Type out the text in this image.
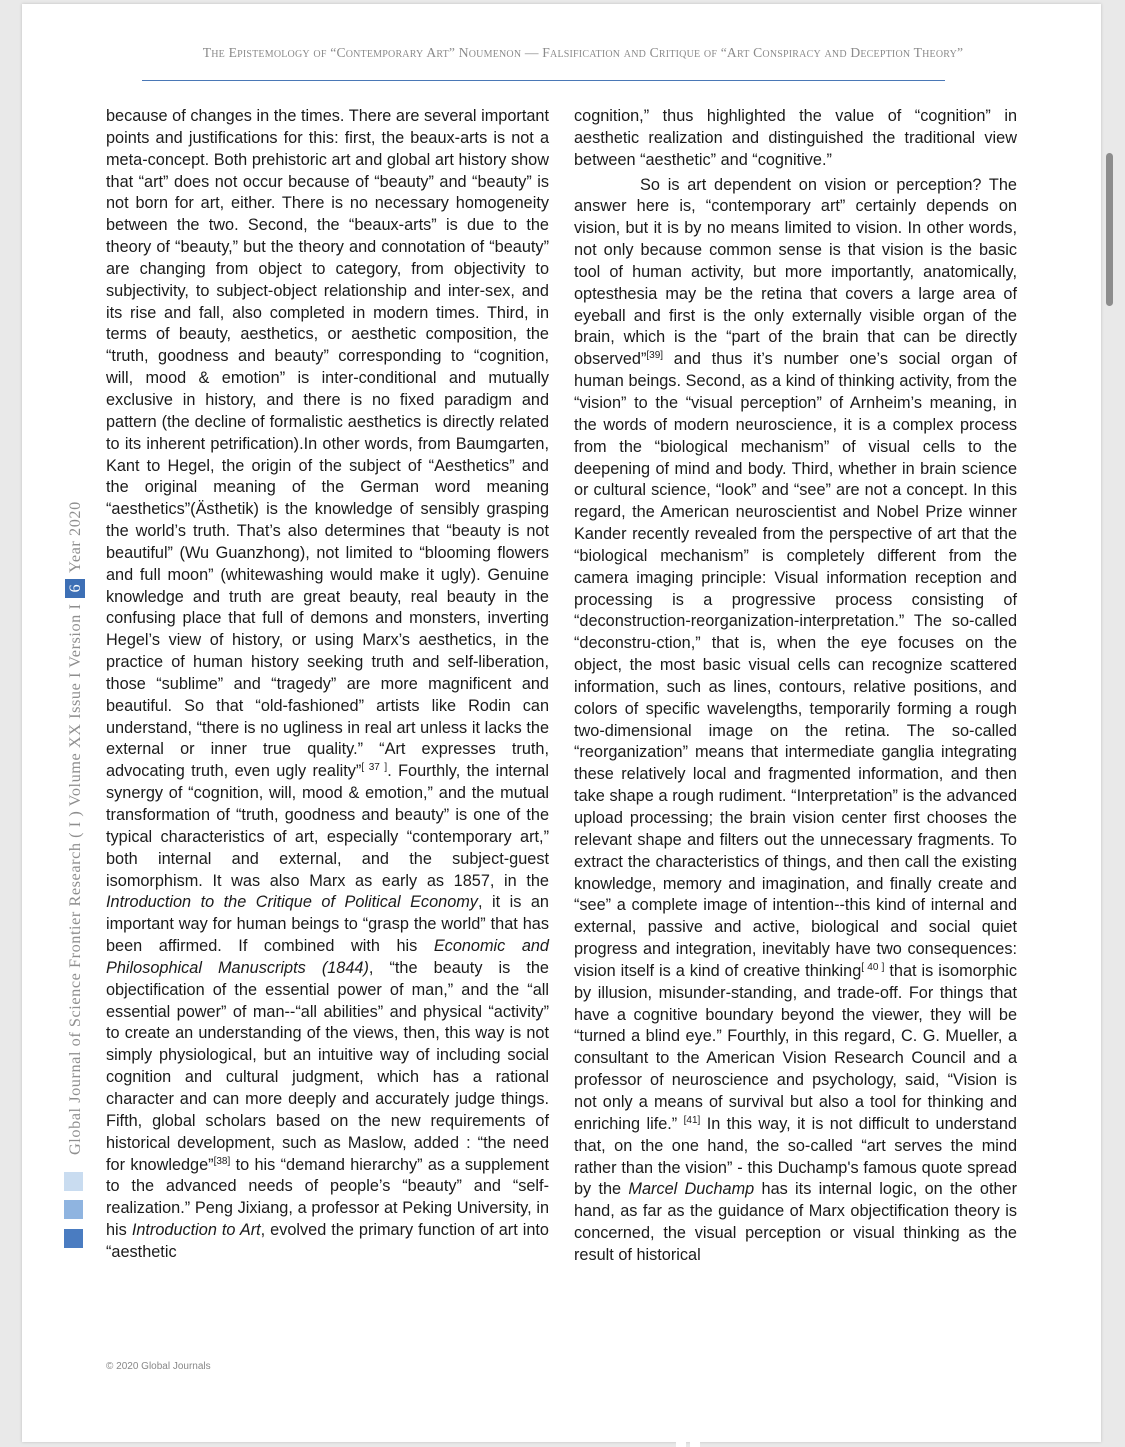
The Epistemology of “Contemporary Art” Noumenon — Falsification and Critique of “Art Conspiracy and Deception Theory”
Global Journal of Science Frontier Research ( I ) Volume XX Issue I Version I6Year 2020

because of changes in the times. There are several important points and justifications for this: first, the beaux-arts is not a meta-concept. Both prehistoric art and global art history show that “art” does not occur because of “beauty” and “beauty” is not born for art, either. There is no necessary homogeneity between the two. Second, the “beaux-arts” is due to the theory of “beauty,” but the theory and connotation of “beauty” are changing from object to category, from objectivity to subjectivity, to subject-object relationship and inter-sex, and its rise and fall, also completed in modern times. Third, in terms of beauty, aesthetics, or aesthetic composition, the “truth, goodness and beauty” corresponding to “cognition, will, mood & emotion” is inter-conditional and mutually exclusive in history, and there is no fixed paradigm and pattern (the decline of formalistic aesthetics is directly related to its inherent petrification).In other words, from Baumgarten, Kant to Hegel, the origin of the subject of “Aesthetics” and the original meaning of the German word meaning “aesthetics”(Ästhetik) is the knowledge of sensibly grasping the world’s truth. That’s also determines that “beauty is not beautiful” (Wu Guanzhong), not limited to “blooming flowers and full moon” (whitewashing would make it ugly). Genuine knowledge and truth are great beauty, real beauty in the confusing place that full of demons and monsters, inverting Hegel’s view of history, or using Marx’s aesthetics, in the practice of human history seeking truth and self-liberation, those “sublime” and “tragedy” are more magnificent and beautiful. So that “old-fashioned” artists like Rodin can understand, “there is no ugliness in real art unless it lacks the external or inner true quality.” “Art expresses truth, advocating truth, even ugly reality”[ 37 ]. Fourthly, the internal synergy of “cognition, will, mood & emotion,” and the mutual transformation of “truth, goodness and beauty” is one of the typical characteristics of art, especially “contemporary art,” both internal and external, and the subject-guest isomorphism. It was also Marx as early as 1857, in the Introduction to the Critique of Political Economy, it is an important way for human beings to “grasp the world” that has been affirmed. If combined with his Economic and Philosophical Manuscripts (1844), “the beauty is the objectification of the essential power of man,” and the “all essential power” of man--“all abilities” and physical “activity” to create an understanding of the views, then, this way is not simply physiological, but an intuitive way of including social cognition and cultural judgment, which has a rational character and can more deeply and accurately judge things. Fifth, global scholars based on the new requirements of historical development, such as Maslow, added : “the need for knowledge”[38] to his “demand hierarchy” as a supplement to the advanced needs of people’s “beauty” and “self-realization.” Peng Jixiang, a professor at Peking University, in his Introduction to Art, evolved the primary function of art into “aesthetic

cognition,” thus highlighted the value of “cognition” in aesthetic realization and distinguished the traditional view between “aesthetic” and “cognitive.”

So is art dependent on vision or perception? The answer here is, “contemporary art” certainly depends on vision, but it is by no means limited to vision. In other words, not only because common sense is that vision is the basic tool of human activity, but more importantly, anatomically, optesthesia may be the retina that covers a large area of eyeball and first is the only externally visible organ of the brain, which is the “part of the brain that can be directly observed”[39] and thus it’s number one’s social organ of human beings. Second, as a kind of thinking activity, from the “vision” to the “visual perception” of Arnheim’s meaning, in the words of modern neuroscience, it is a complex process from the “biological mechanism” of visual cells to the deepening of mind and body. Third, whether in brain science or cultural science, “look” and “see” are not a concept. In this regard, the American neuroscientist and Nobel Prize winner Kander recently revealed from the perspective of art that the “biological mechanism” is completely different from the camera imaging principle: Visual information reception and processing is a progressive process consisting of “deconstruction-reorganization-interpretation.” The so-called “deconstru-ction,” that is, when the eye focuses on the object, the most basic visual cells can recognize scattered information, such as lines, contours, relative positions, and colors of specific wavelengths, temporarily forming a rough two-dimensional image on the retina. The so-called “reorganization” means that intermediate ganglia integrating these relatively local and fragmented information, and then take shape a rough rudiment. “Interpretation” is the advanced upload processing; the brain vision center first chooses the relevant shape and filters out the unnecessary fragments. To extract the characteristics of things, and then call the existing knowledge, memory and imagination, and finally create and “see” a complete image of intention--this kind of internal and external, passive and active, biological and social quiet progress and integration, inevitably have two consequences: vision itself is a kind of creative thinking[ 40 ] that is isomorphic by illusion, misunder-standing, and trade-off. For things that have a cognitive boundary beyond the viewer, they will be “turned a blind eye.” Fourthly, in this regard, C. G. Mueller, a consultant to the American Vision Research Council and a professor of neuroscience and psychology, said, “Vision is not only a means of survival but also a tool for thinking and enriching life.” [41] In this way, it is not difficult to understand that, on the one hand, the so-called “art serves the mind rather than the vision” - this Duchamp's famous quote spread by the Marcel Duchamp has its internal logic, on the other hand, as far as the guidance of Marx objectification theory is concerned, the visual perception or visual thinking as the result of historical

© 2020 Global Journals
